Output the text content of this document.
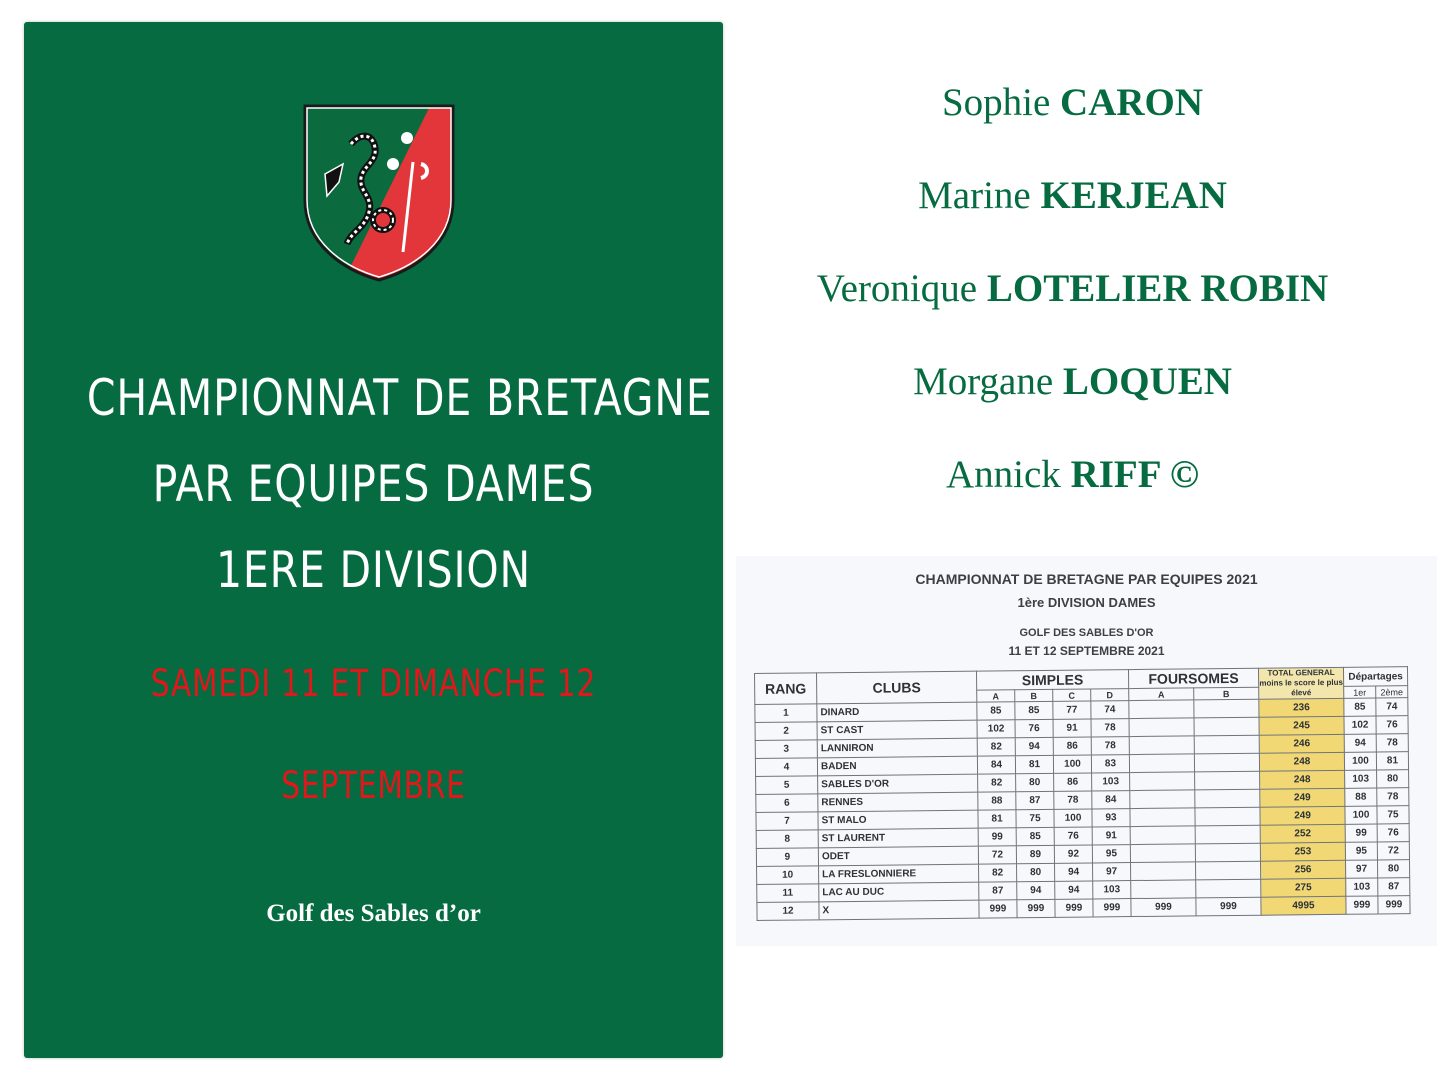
CHAMPIONNAT DE BRETAGNE
PAR EQUIPES DAMES
1ERE DIVISION
SAMEDI 11 ET DIMANCHE 12
SEPTEMBRE
Golf des Sables d’or
Sophie CARON
Marine KERJEAN
Veronique LOTELIER ROBIN
Morgane LOQUEN
Annick RIFF ©
CHAMPIONNAT DE BRETAGNE PAR EQUIPES 2021
1ère DIVISION DAMES
GOLF DES SABLES D'OR
11 ET 12 SEPTEMBRE 2021
RANG	CLUBS	SIMPLES				FOURSOMES		TOTAL GENERAL moins le score le plus élevé	Départages	
		A	B	C	D	A	B		1er	2ème
1	DINARD	85	85	77	74			236	85	74
2	ST CAST	102	76	91	78			245	102	76
3	LANNIRON	82	94	86	78			246	94	78
4	BADEN	84	81	100	83			248	100	81
5	SABLES D'OR	82	80	86	103			248	103	80
6	RENNES	88	87	78	84			249	88	78
7	ST MALO	81	75	100	93			249	100	75
8	ST LAURENT	99	85	76	91			252	99	76
9	ODET	72	89	92	95			253	95	72
10	LA FRESLONNIERE	82	80	94	97			256	97	80
11	LAC AU DUC	87	94	94	103			275	103	87
12	X	999	999	999	999	999	999	4995	999	999
